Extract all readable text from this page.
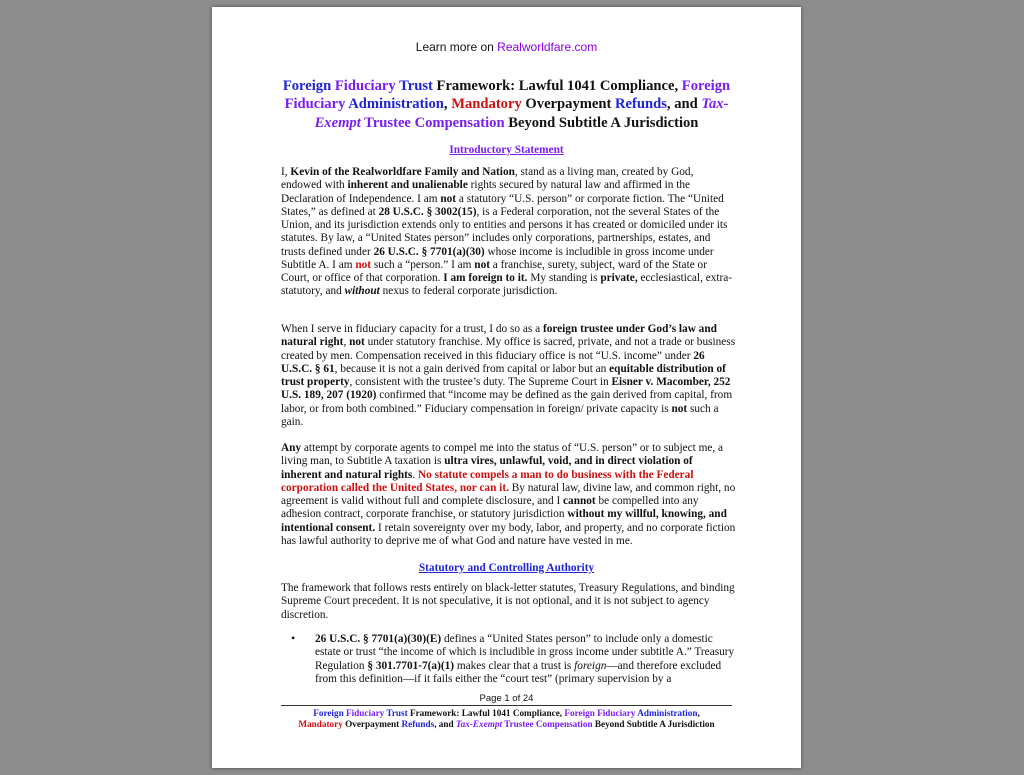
Learn more on Realworldfare.com
Foreign Fiduciary Trust Framework: Lawful 1041 Compliance, Foreign Fiduciary Administration, Mandatory Overpayment Refunds, and Tax-Exempt Trustee Compensation Beyond Subtitle A Jurisdiction
Introductory Statement

I, Kevin of the Realworldfare Family and Nation, stand as a living man, created by God, endowed with inherent and unalienable rights secured by natural law and affirmed in the Declaration of Independence. I am not a statutory “U.S. person” or corporate fiction. The “United States,” as defined at 28 U.S.C. § 3002(15), is a Federal corporation, not the several States of the Union, and its jurisdiction extends only to entities and persons it has created or domiciled under its statutes. By law, a “United States person” includes only corporations, partnerships, estates, and trusts defined under 26 U.S.C. § 7701(a)(30) whose income is includible in gross income under Subtitle A. I am not such a “person.” I am not a franchise, surety, subject, ward of the State or Court, or office of that corporation. I am foreign to it. My standing is private, ecclesiastical, extra-statutory, and without nexus to federal corporate jurisdiction.

When I serve in fiduciary capacity for a trust, I do so as a foreign trustee under God’s law and natural right, not under statutory franchise. My office is sacred, private, and not a trade or business created by men. Compensation received in this fiduciary office is not “U.S. income” under 26 U.S.C. § 61, because it is not a gain derived from capital or labor but an equitable distribution of trust property, consistent with the trustee’s duty. The Supreme Court in Eisner v. Macomber, 252 U.S. 189, 207 (1920) confirmed that “income may be defined as the gain derived from capital, from labor, or from both combined.” Fiduciary compensation in foreign/ private capacity is not such a gain.

Any attempt by corporate agents to compel me into the status of “U.S. person” or to subject me, a living man, to Subtitle A taxation is ultra vires, unlawful, void, and in direct violation of inherent and natural rights. No statute compels a man to do business with the Federal corporation called the United States, nor can it. By natural law, divine law, and common right, no agreement is valid without full and complete disclosure, and I cannot be compelled into any adhesion contract, corporate franchise, or statutory jurisdiction without my willful, knowing, and intentional consent. I retain sovereignty over my body, labor, and property, and no corporate fiction has lawful authority to deprive me of what God and nature have vested in me.

Statutory and Controlling Authority

The framework that follows rests entirely on black-letter statutes, Treasury Regulations, and binding Supreme Court precedent. It is not speculative, it is not optional, and it is not subject to agency discretion.

• 26 U.S.C. § 7701(a)(30)(E) defines a “United States person” to include only a domestic estate or trust “the income of which is includible in gross income under subtitle A.” Treasury Regulation § 301.7701-7(a)(1) makes clear that a trust is foreign—and therefore excluded from this definition—if it fails either the “court test” (primary supervision by a
Page 1 of 24
Foreign Fiduciary Trust Framework: Lawful 1041 Compliance, Foreign Fiduciary Administration,
Mandatory Overpayment Refunds, and Tax-Exempt Trustee Compensation Beyond Subtitle A Jurisdiction
